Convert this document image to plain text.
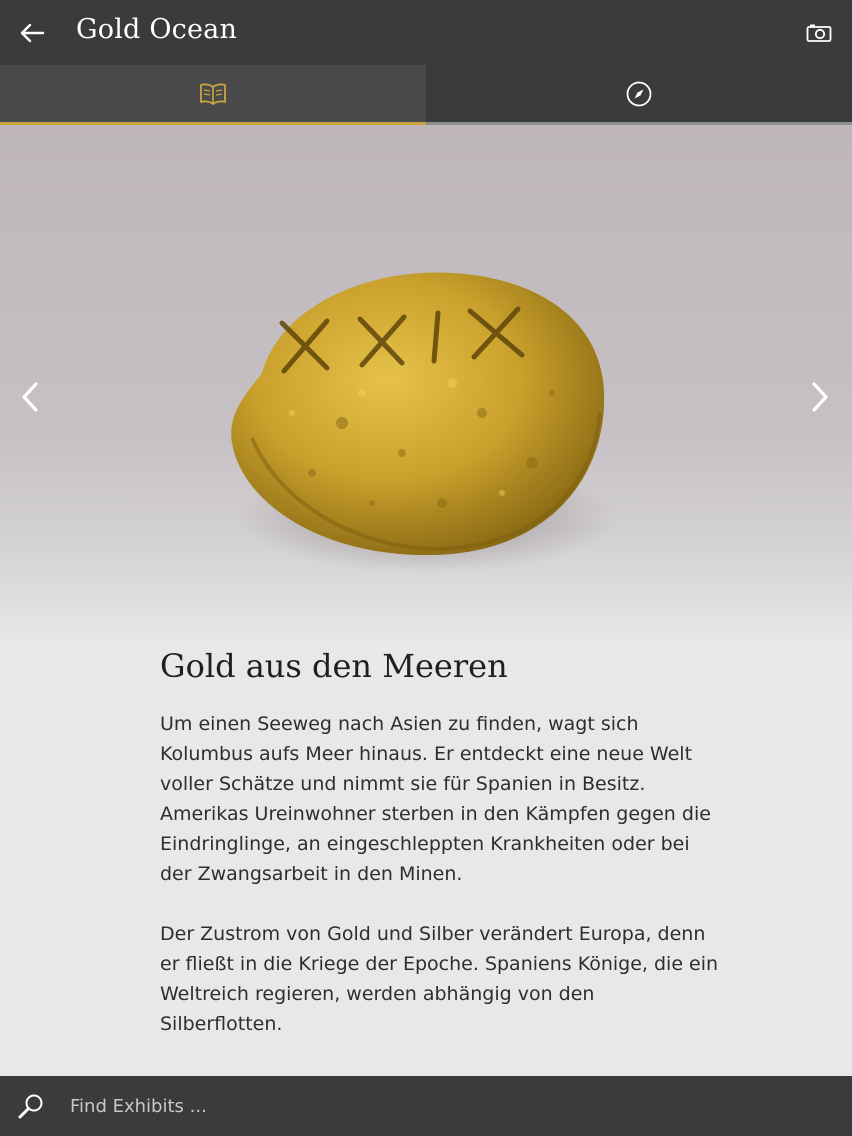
Gold Ocean
Gold aus den Meeren

Um einen Seeweg nach Asien zu finden, wagt sich Kolumbus aufs Meer hinaus. Er entdeckt eine neue Welt voller Schätze und nimmt sie für Spanien in Besitz. Amerikas Ureinwohner sterben in den Kämpfen gegen die Eindringlinge, an eingeschleppten Krankheiten oder bei der Zwangsarbeit in den Minen.

Der Zustrom von Gold und Silber verändert Europa, denn er fließt in die Kriege der Epoche. Spaniens Könige, die ein Weltreich regieren, werden abhängig von den Silberflotten.

Find Exhibits ...
